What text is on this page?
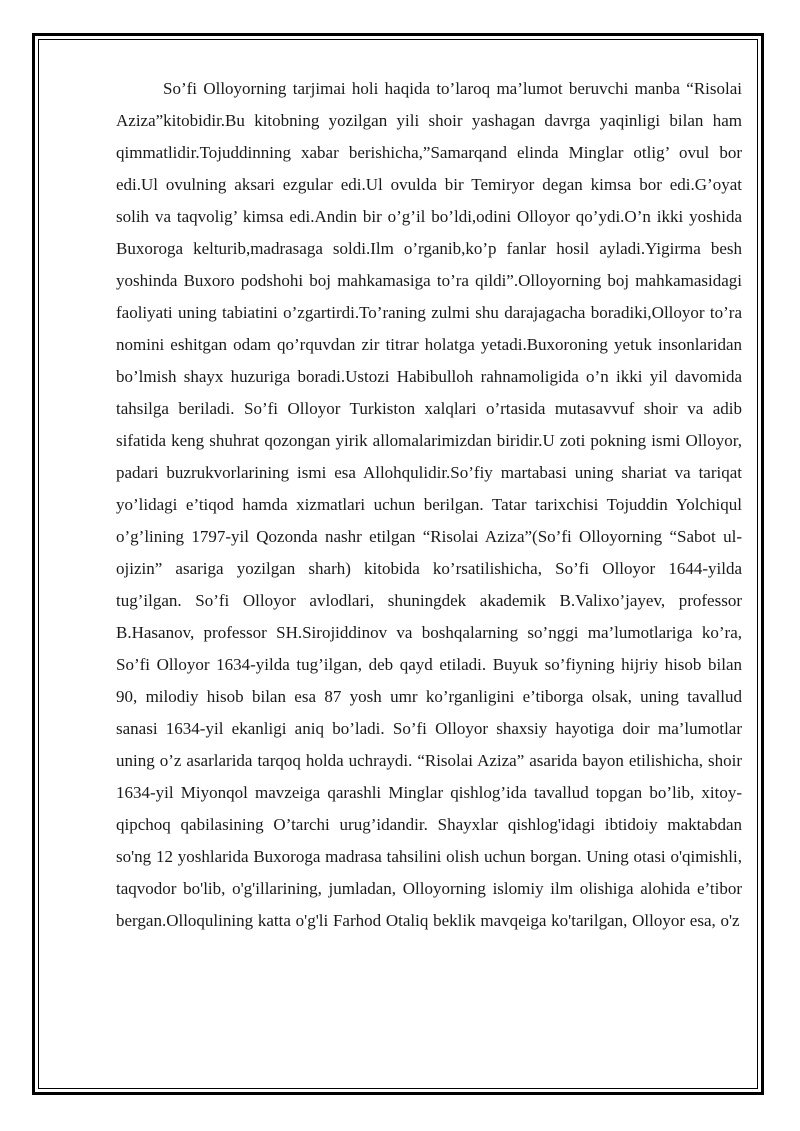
So’fi Olloyorning tarjimai holi haqida to’laroq ma’lumot beruvchi manba “Risolai Aziza”kitobidir.Bu kitobning yozilgan yili shoir yashagan davrga yaqinligi bilan ham qimmatlidir.Tojuddinning xabar berishicha,”Samarqand elinda Minglar otlig’ ovul bor edi.Ul ovulning aksari ezgular edi.Ul ovulda bir Temiryor degan kimsa bor edi.G’oyat solih va taqvolig’ kimsa edi.Andin bir o’g’il bo’ldi,odini Olloyor qo’ydi.O’n ikki yoshida Buxoroga kelturib,madrasaga soldi.Ilm o’rganib,ko’p fanlar hosil ayladi.Yigirma besh yoshinda Buxoro podshohi boj mahkamasiga to’ra qildi”.Olloyorning boj mahkamasidagi faoliyati uning tabiatini o’zgartirdi.To’raning zulmi shu darajagacha boradiki,Olloyor to’ra nomini eshitgan odam qo’rquvdan zir titrar holatga yetadi.Buxoroning yetuk insonlaridan bo’lmish shayx huzuriga boradi.Ustozi Habibulloh rahnamoligida o’n ikki yil davomida tahsilga beriladi. So’fi Olloyor Turkiston xalqlari o’rtasida mutasavvuf shoir va adib sifatida keng shuhrat qozongan yirik allomalarimizdan biridir.U zoti pokning ismi Olloyor, padari buzrukvorlarining ismi esa Allohqulidir.So’fiy martabasi uning shariat va tariqat yo’lidagi e’tiqod hamda xizmatlari uchun berilgan. Tatar tarixchisi Tojuddin Yolchiqul o’g’lining 1797-yil Qozonda nashr etilgan “Risolai Aziza”(So’fi Olloyorning “Sabot ul-ojizin” asariga yozilgan sharh) kitobida ko’rsatilishicha, So’fi Olloyor 1644-yilda tug’ilgan. So’fi Olloyor avlodlari, shuningdek akademik B.Valixo’jayev, professor B.Hasanov, professor SH.Sirojiddinov va boshqalarning so’nggi ma’lumotlariga ko’ra, So’fi Olloyor 1634-yilda tug’ilgan, deb qayd etiladi. Buyuk so’fiyning hijriy hisob bilan 90, milodiy hisob bilan esa 87 yosh umr ko’rganligini e’tiborga olsak, uning tavallud sanasi 1634-yil ekanligi aniq bo’ladi. So’fi Olloyor shaxsiy hayotiga doir ma’lumotlar uning o’z asarlarida tarqoq holda uchraydi. “Risolai Aziza” asarida bayon etilishicha, shoir 1634-yil Miyonqol mavzeiga qarashli Minglar qishlog’ida tavallud topgan bo’lib, xitoy-qipchoq qabilasining O’tarchi urug’idandir. Shayxlar qishlog'idagi ibtidoiy maktabdan so'ng 12 yoshlarida Buxoroga madrasa tahsilini olish uchun borgan. Uning otasi o'qimishli, taqvodor bo'lib, o'g'illarining, jumladan, Olloyorning islomiy ilm olishiga alohida e’tibor bergan.Olloqulining katta o'g'li Farhod Otaliq beklik mavqeiga ko'tarilgan, Olloyor esa, o'z
